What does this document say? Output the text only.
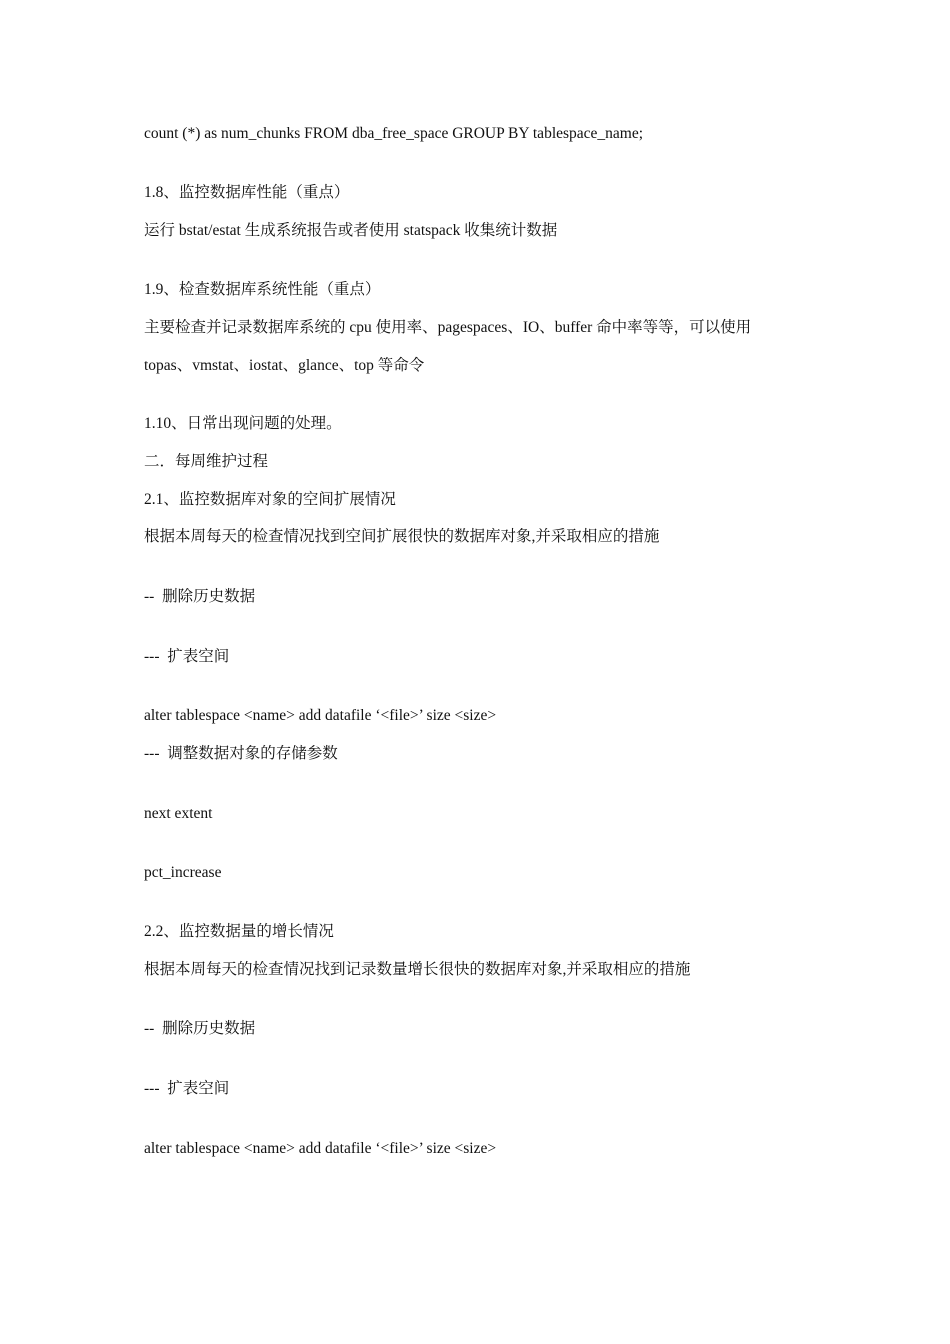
count (*) as num_chunks FROM dba_free_space GROUP BY tablespace_name;
1.8、监控数据库性能（重点）
运行 bstat/estat 生成系统报告或者使用 statspack 收集统计数据
1.9、检查数据库系统性能（重点）
主要检查并记录数据库系统的 cpu 使用率、pagespaces、IO、buffer 命中率等等，可以使用
topas、vmstat、iostat、glance、top 等命令
1.10、日常出现问题的处理。
二．每周维护过程
2.1、监控数据库对象的空间扩展情况
根据本周每天的检查情况找到空间扩展很快的数据库对象,并采取相应的措施
--  删除历史数据
---  扩表空间
alter tablespace <name> add datafile ‘<file>’ size <size>
---  调整数据对象的存储参数
next extent
pct_increase
2.2、监控数据量的增长情况
根据本周每天的检查情况找到记录数量增长很快的数据库对象,并采取相应的措施
--  删除历史数据
---  扩表空间
alter tablespace <name> add datafile ‘<file>’ size <size>
